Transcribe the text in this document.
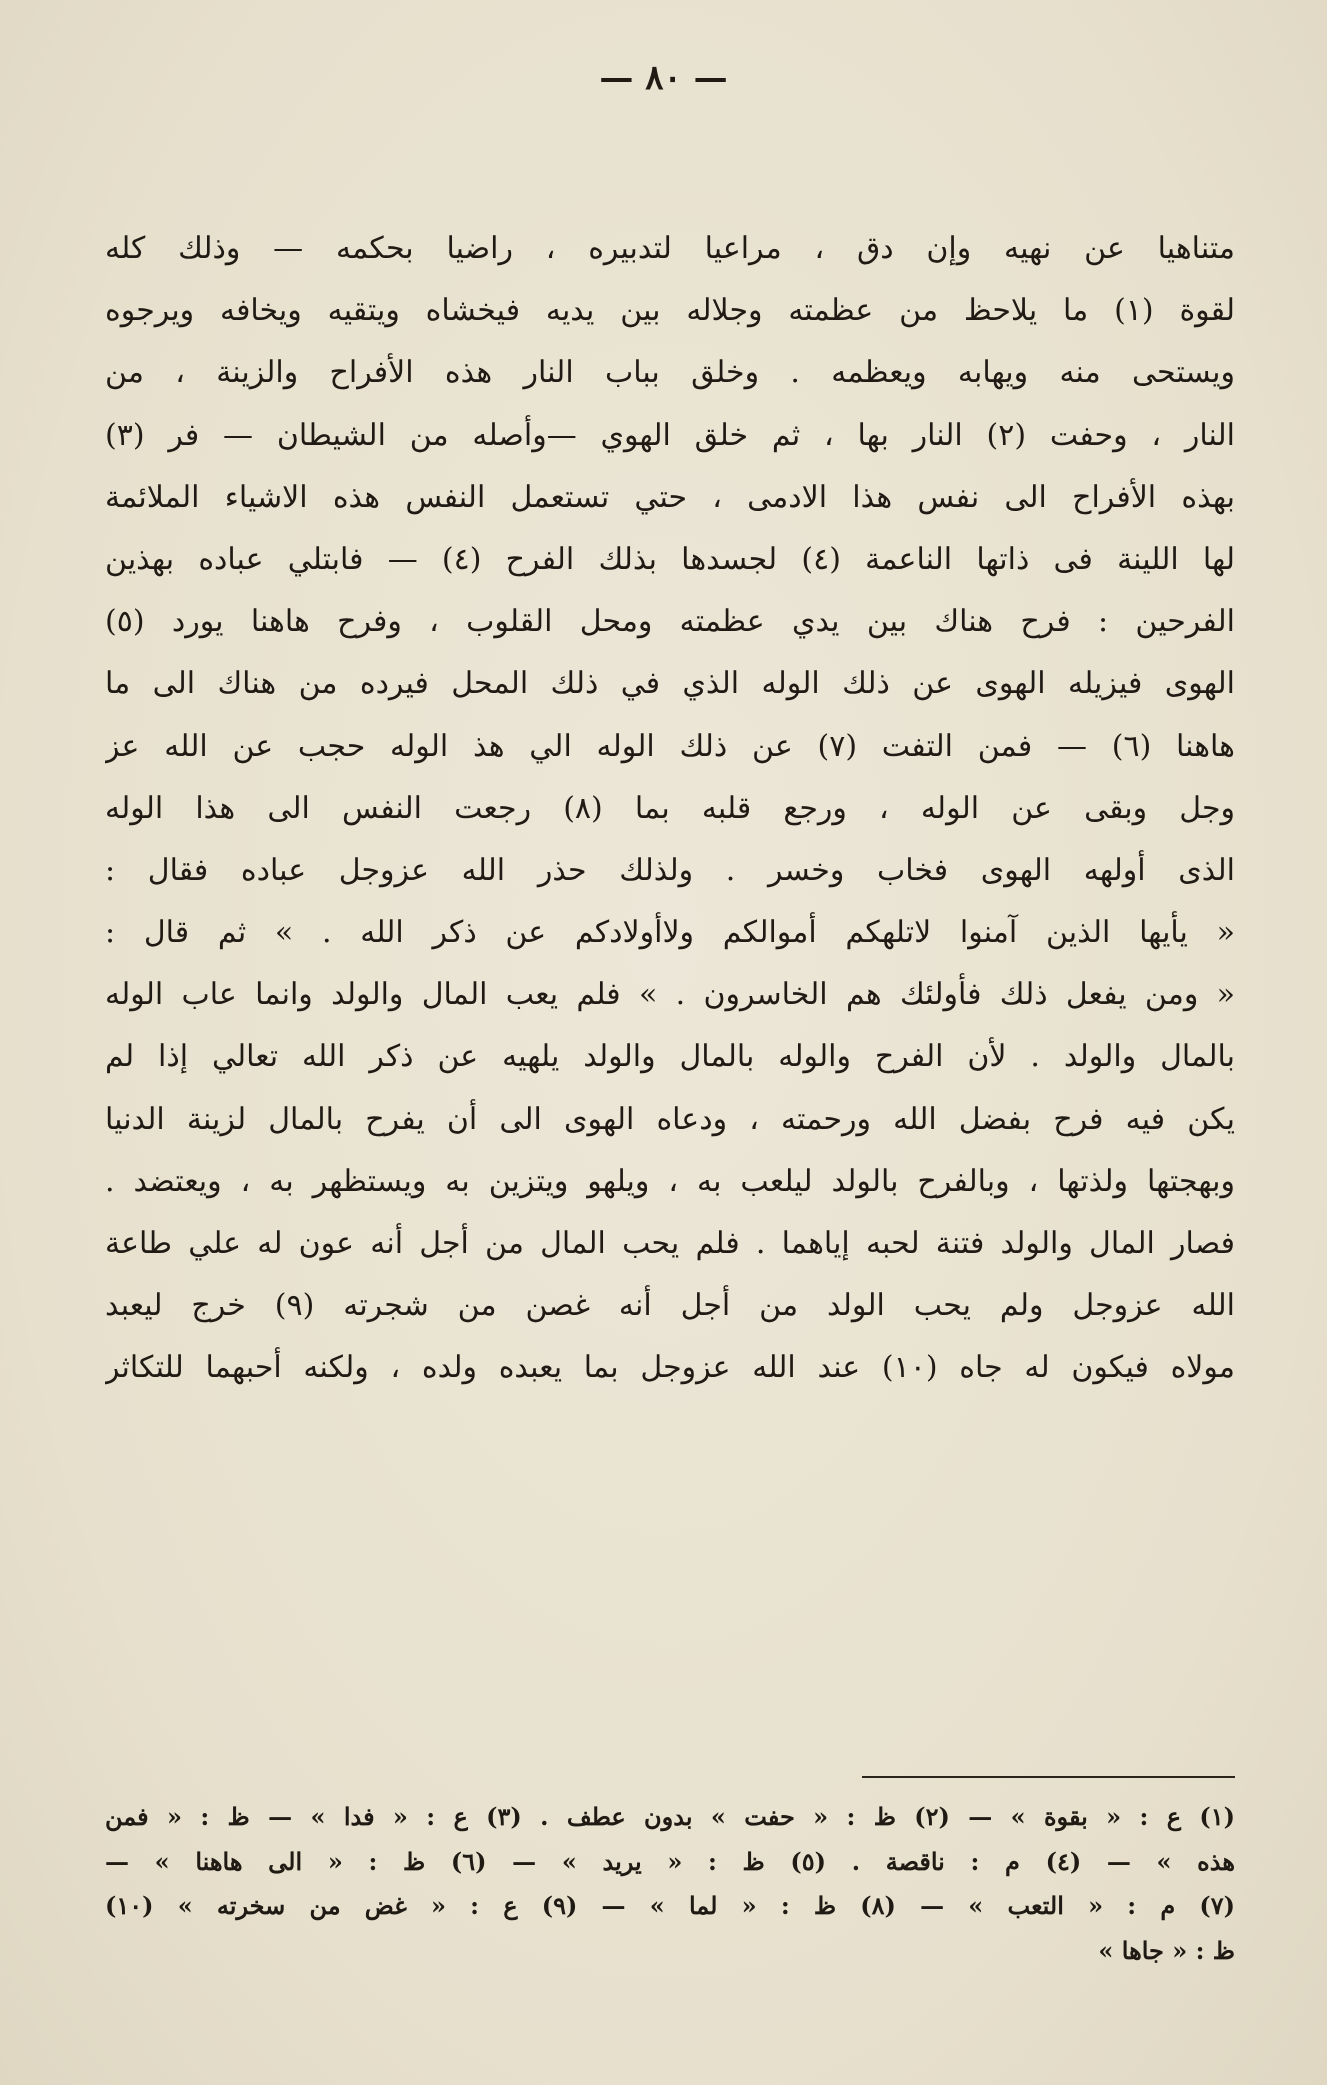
— ٨٠ —
متناهيا عن نهيه وإن دق ، مراعيا لتدبيره ، راضيا بحكمه — وذلك كله
لقوة (١) ما يلاحظ من عظمته وجلاله بين يديه فيخشاه ويتقيه ويخافه ويرجوه
ويستحى منه ويهابه ويعظمه . وخلق بباب النار هذه الأفراح والزينة ، من
النار ، وحفت (٢) النار بها ، ثم خلق الهوي —وأصله من الشيطان — فر (٣)
بهذه الأفراح الى نفس هذا الادمى ، حتي تستعمل النفس هذه الاشياء الملائمة
لها اللينة فى ذاتها الناعمة (٤) لجسدها بذلك الفرح (٤) — فابتلي عباده بهذين
الفرحين : فرح هناك بين يدي عظمته ومحل القلوب ، وفرح هاهنا يورد (٥)
الهوى فيزيله الهوى عن ذلك الوله الذي في ذلك المحل فيرده من هناك الى ما
هاهنا (٦) — فمن التفت (٧) عن ذلك الوله الي هذ الوله حجب عن الله عز
وجل وبقى عن الوله ، ورجع قلبه بما (٨) رجعت النفس الى هذا الوله
الذى أولهه الهوى فخاب وخسر . ولذلك حذر الله عزوجل عباده فقال :
« يأيها الذين آمنوا لاتلهكم أموالكم ولاأولادكم عن ذكر الله . » ثم قال :
« ومن يفعل ذلك فأولئك هم الخاسرون . » فلم يعب المال والولد وانما عاب الوله
بالمال والولد . لأن الفرح والوله بالمال والولد يلهيه عن ذكر الله تعالي إذا لم
يكن فيه فرح بفضل الله ورحمته ، ودعاه الهوى الى أن يفرح بالمال لزينة الدنيا
وبهجتها ولذتها ، وبالفرح بالولد ليلعب به ، ويلهو ويتزين به ويستظهر به ، ويعتضد .
فصار المال والولد فتنة لحبه إياهما . فلم يحب المال من أجل أنه عون له علي طاعة
الله عزوجل ولم يحب الولد من أجل أنه غصن من شجرته (٩) خرج ليعبد
مولاه فيكون له جاه (١٠) عند الله عزوجل بما يعبده ولده ، ولكنه أحبهما للتكاثر
(١) ع : « بقوة » — (٢) ظ : « حفت » بدون عطف . (٣) ع : « فدا » — ظ : « فمن
هذه » — (٤) م : ناقصة . (٥) ظ : « يريد » — (٦) ظ : « الى هاهنا » —
(٧) م : « التعب » — (٨) ظ : « لما » — (٩) ع : « غض من سخرته » (١٠)
ظ : « جاها »
